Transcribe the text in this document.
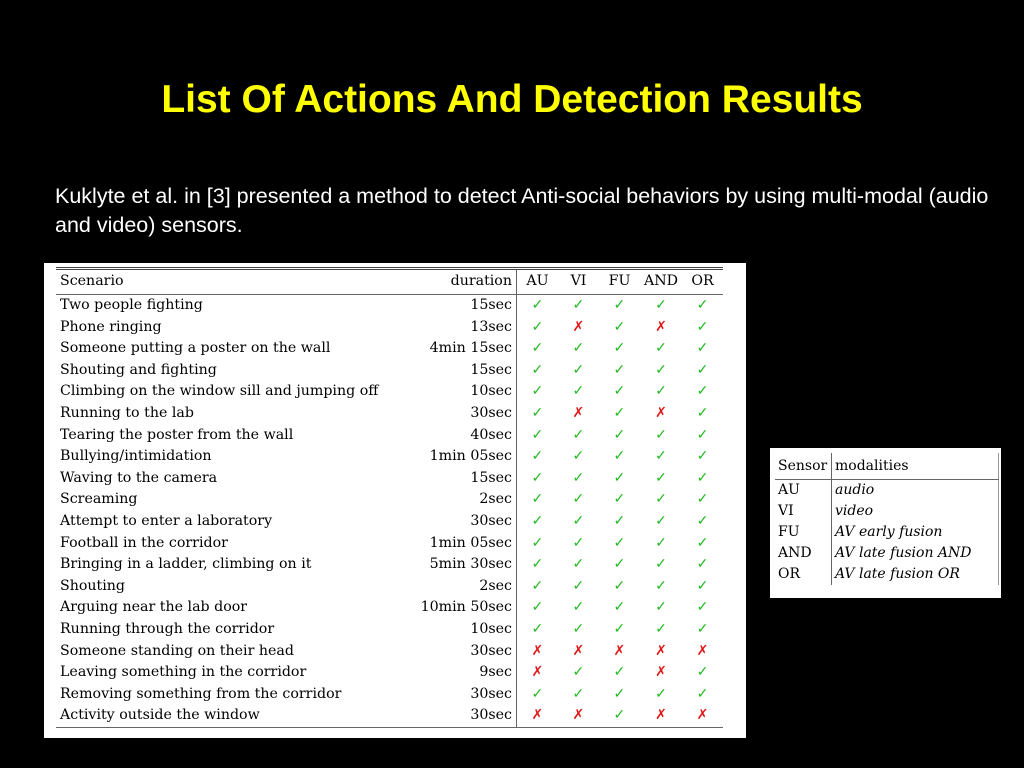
List Of Actions And Detection Results
Kuklyte et al. in [3] presented a method to detect Anti-social behaviors by using multi-modal (audio and video) sensors.
Scenario	duration	AU	VI	FU	AND	OR
Two people fighting	15sec	✓	✓	✓	✓	✓
Phone ringing	13sec	✓	✗	✓	✗	✓
Someone putting a poster on the wall	4min 15sec	✓	✓	✓	✓	✓
Shouting and fighting	15sec	✓	✓	✓	✓	✓
Climbing on the window sill and jumping off	10sec	✓	✓	✓	✓	✓
Running to the lab	30sec	✓	✗	✓	✗	✓
Tearing the poster from the wall	40sec	✓	✓	✓	✓	✓
Bullying/intimidation	1min 05sec	✓	✓	✓	✓	✓
Waving to the camera	15sec	✓	✓	✓	✓	✓
Screaming	2sec	✓	✓	✓	✓	✓
Attempt to enter a laboratory	30sec	✓	✓	✓	✓	✓
Football in the corridor	1min 05sec	✓	✓	✓	✓	✓
Bringing in a ladder, climbing on it	5min 30sec	✓	✓	✓	✓	✓
Shouting	2sec	✓	✓	✓	✓	✓
Arguing near the lab door	10min 50sec	✓	✓	✓	✓	✓
Running through the corridor	10sec	✓	✓	✓	✓	✓
Someone standing on their head	30sec	✗	✗	✗	✗	✗
Leaving something in the corridor	9sec	✗	✓	✓	✗	✓
Removing something from the corridor	30sec	✓	✓	✓	✓	✓
Activity outside the window	30sec	✗	✗	✓	✗	✗
Sensor	modalities
AU	audio
VI	video
FU	AV early fusion
AND	AV late fusion AND
OR	AV late fusion OR
